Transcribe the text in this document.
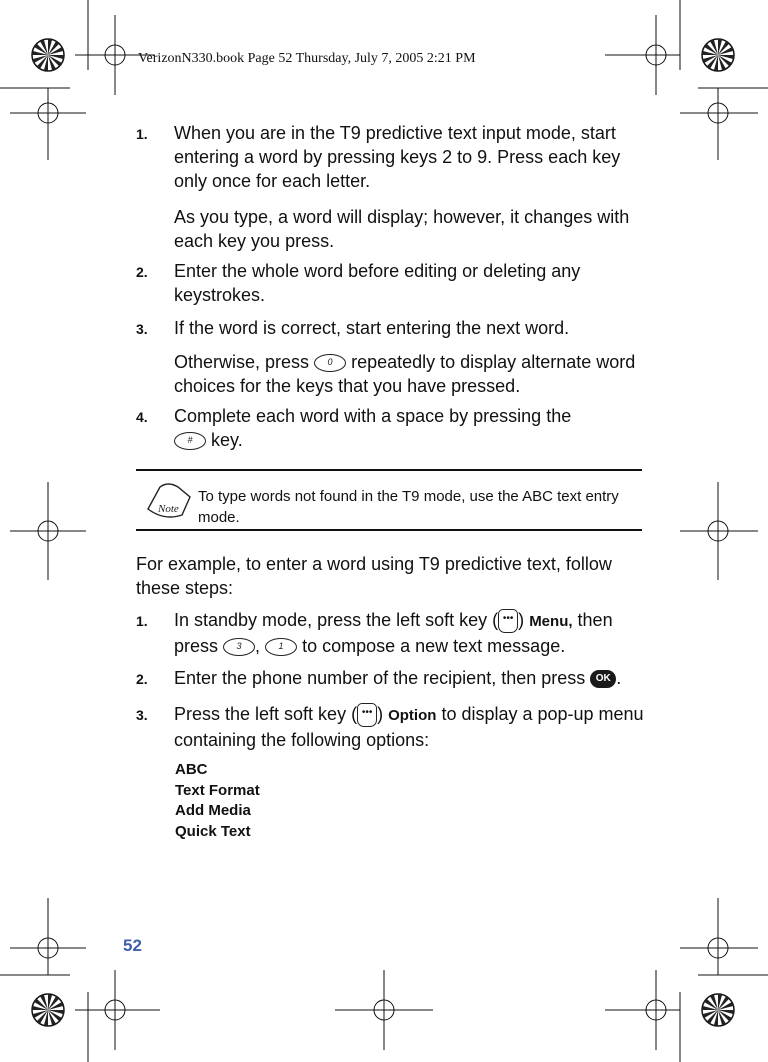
VerizonN330.book Page 52 Thursday, July 7, 2005 2:21 PM
1. When you are in the T9 predictive text input mode, start entering a word by pressing keys 2 to 9. Press each key only once for each letter.
As you type, a word will display; however, it changes with each key you press.
2. Enter the whole word before editing or deleting any keystrokes.
3. If the word is correct, start entering the next word.
Otherwise, press 0 repeatedly to display alternate word choices for the keys that you have pressed.
4. Complete each word with a space by pressing the
# key.
Note
To type words not found in the T9 mode, use the ABC text entry mode.
For example, to enter a word using T9 predictive text, follow these steps:
1. In standby mode, press the left soft key ( ••• ) Menu, then press 3 , 1 to compose a new text message.
2. Enter the phone number of the recipient, then press OK .
3. Press the left soft key ( ••• ) Option to display a pop-up menu containing the following options:
ABC
Text Format
Add Media
Quick Text
52
